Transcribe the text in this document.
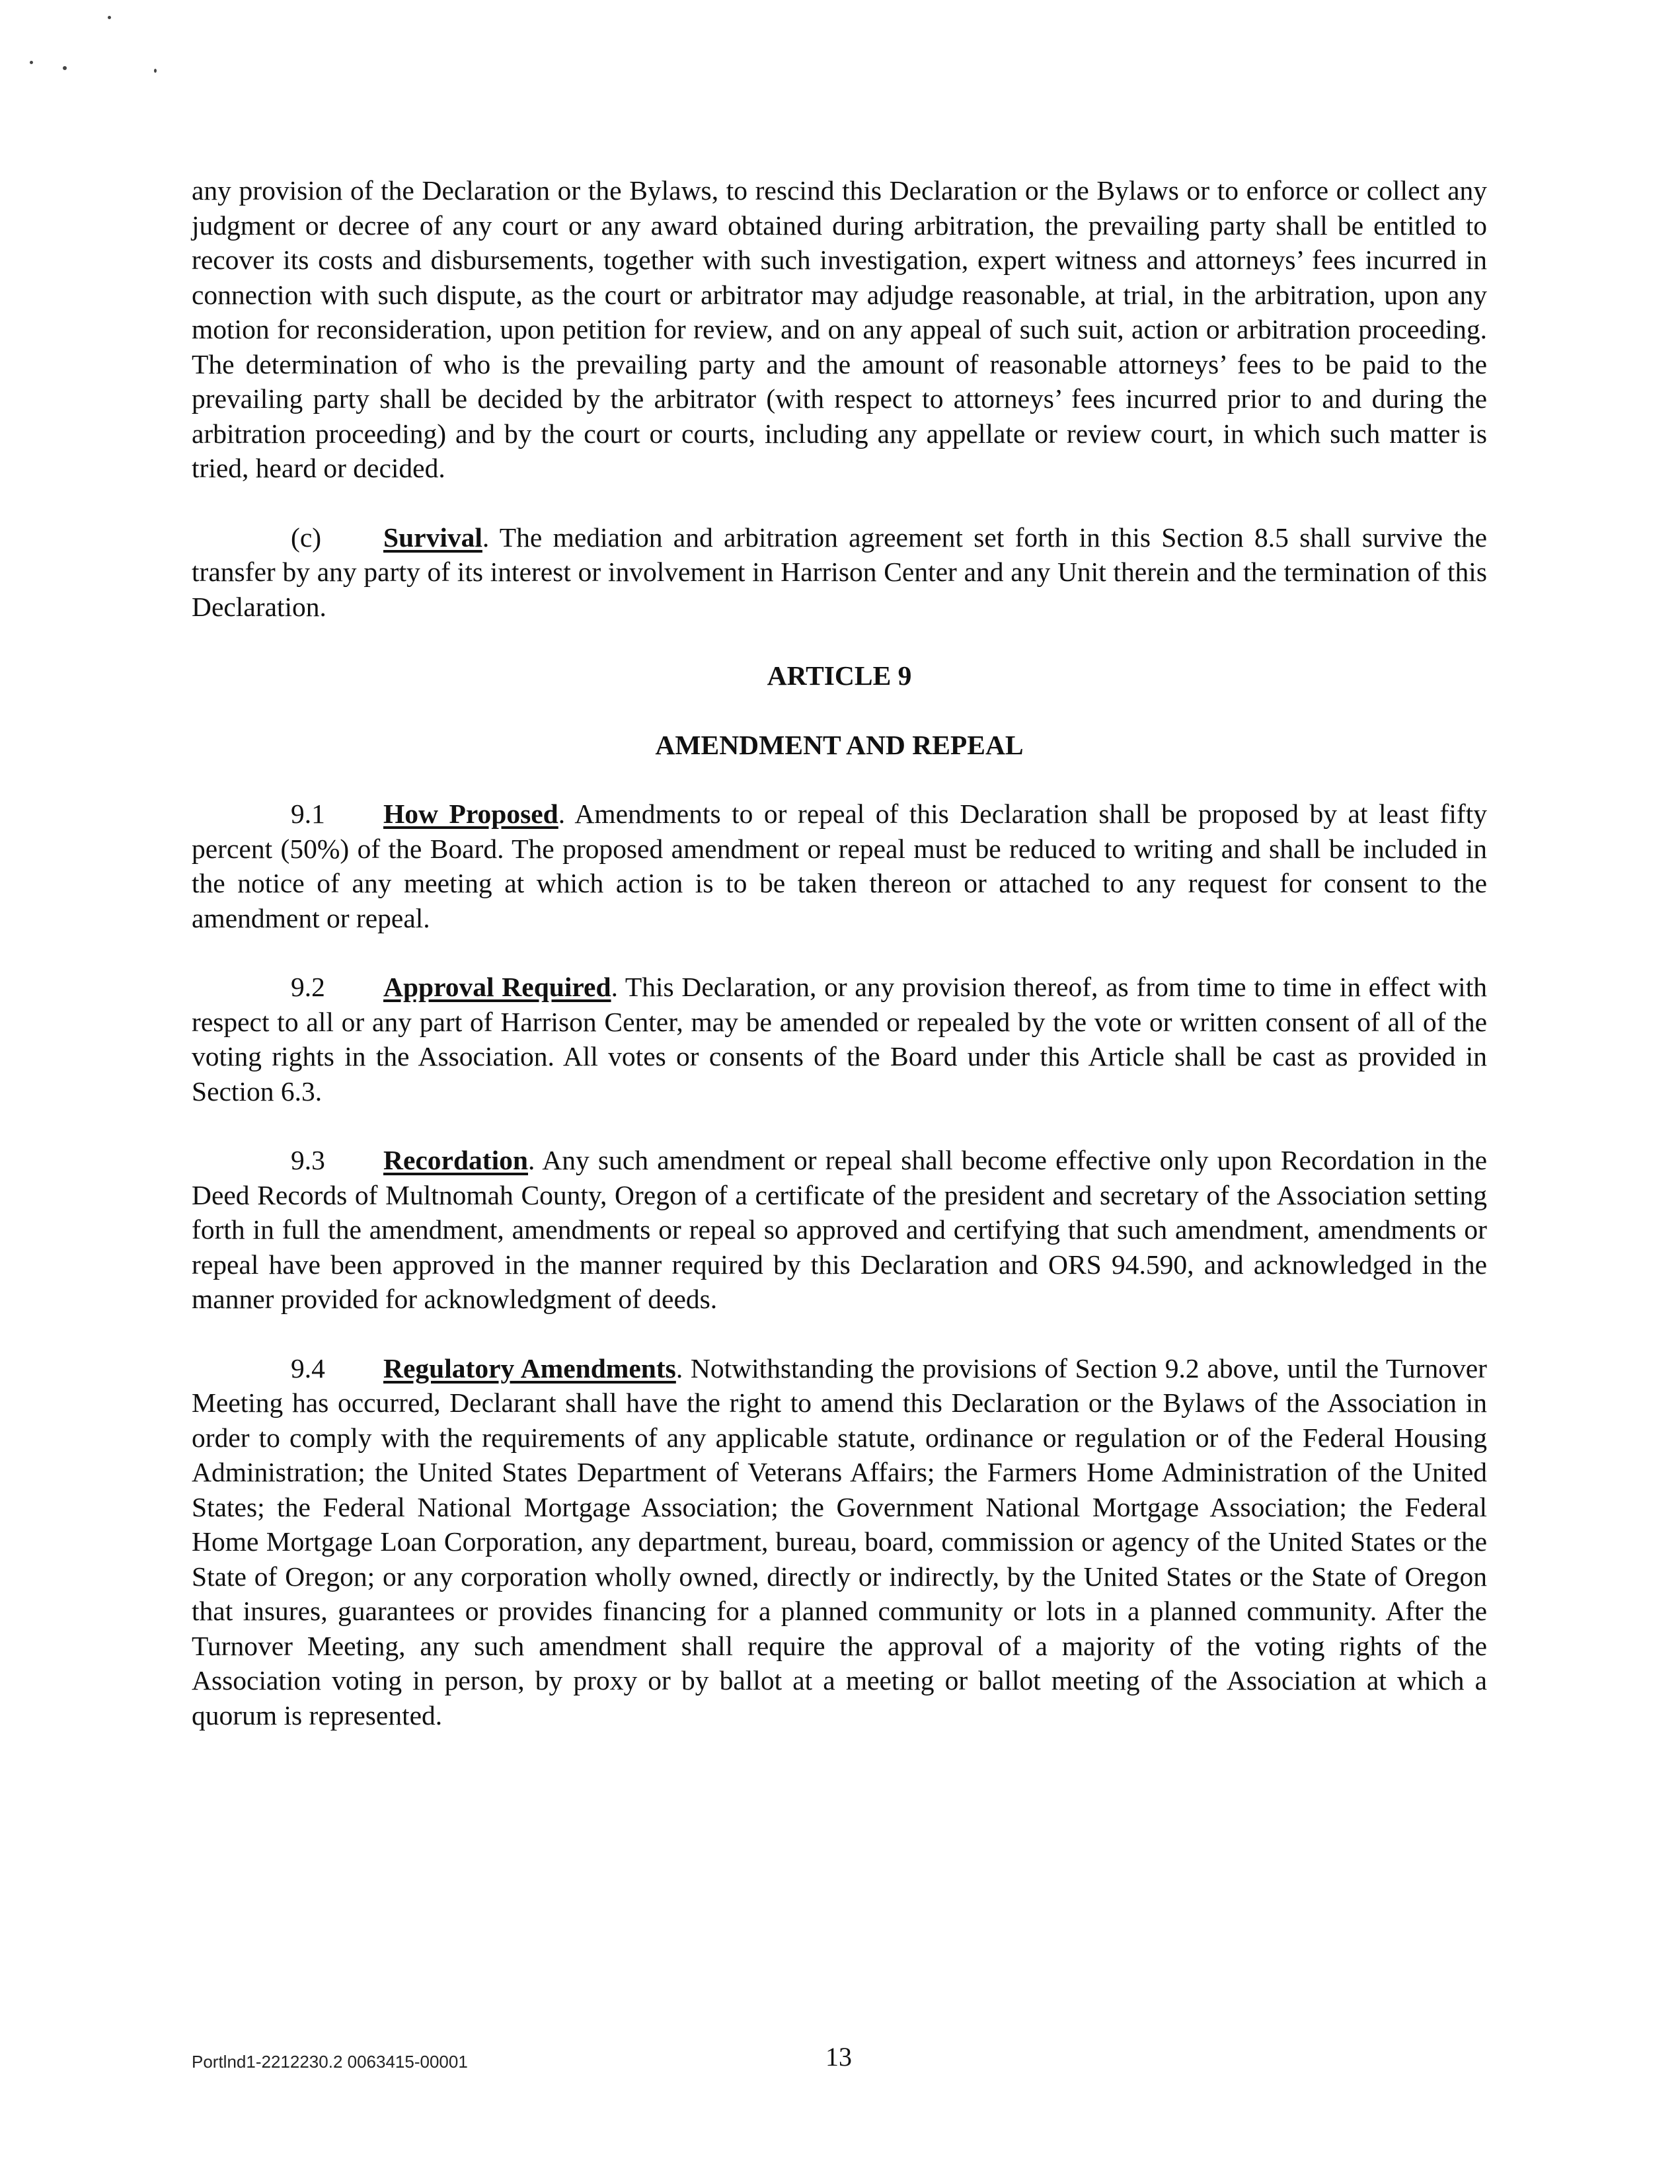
any provision of the Declaration or the Bylaws, to rescind this Declaration or the Bylaws or to enforce or collect any judgment or decree of any court or any award obtained during arbitration, the prevailing party shall be entitled to recover its costs and disbursements, together with such investigation, expert witness and attorneys’ fees incurred in connection with such dispute, as the court or arbitrator may adjudge reasonable, at trial, in the arbitration, upon any motion for reconsideration, upon petition for review, and on any appeal of such suit, action or arbitration proceeding. The determination of who is the prevailing party and the amount of reasonable attorneys’ fees to be paid to the prevailing party shall be decided by the arbitrator (with respect to attorneys’ fees incurred prior to and during the arbitration proceeding) and by the court or courts, including any appellate or review court, in which such matter is tried, heard or decided.

(c) Survival. The mediation and arbitration agreement set forth in this Section 8.5 shall survive the transfer by any party of its interest or involvement in Harrison Center and any Unit therein and the termination of this Declaration.

ARTICLE 9

AMENDMENT AND REPEAL

9.1 How Proposed. Amendments to or repeal of this Declaration shall be proposed by at least fifty percent (50%) of the Board. The proposed amendment or repeal must be reduced to writing and shall be included in the notice of any meeting at which action is to be taken thereon or attached to any request for consent to the amendment or repeal.

9.2 Approval Required. This Declaration, or any provision thereof, as from time to time in effect with respect to all or any part of Harrison Center, may be amended or repealed by the vote or written consent of all of the voting rights in the Association. All votes or consents of the Board under this Article shall be cast as provided in Section 6.3.

9.3 Recordation. Any such amendment or repeal shall become effective only upon Recordation in the Deed Records of Multnomah County, Oregon of a certificate of the president and secretary of the Association setting forth in full the amendment, amendments or repeal so approved and certifying that such amendment, amendments or repeal have been approved in the manner required by this Declaration and ORS 94.590, and acknowledged in the manner provided for acknowledgment of deeds.

9.4 Regulatory Amendments. Notwithstanding the provisions of Section 9.2 above, until the Turnover Meeting has occurred, Declarant shall have the right to amend this Declaration or the Bylaws of the Association in order to comply with the requirements of any applicable statute, ordinance or regulation or of the Federal Housing Administration; the United States Department of Veterans Affairs; the Farmers Home Administration of the United States; the Federal National Mortgage Association; the Government National Mortgage Association; the Federal Home Mortgage Loan Corporation, any department, bureau, board, commission or agency of the United States or the State of Oregon; or any corporation wholly owned, directly or indirectly, by the United States or the State of Oregon that insures, guarantees or provides financing for a planned community or lots in a planned community. After the Turnover Meeting, any such amendment shall require the approval of a majority of the voting rights of the Association voting in person, by proxy or by ballot at a meeting or ballot meeting of the Association at which a quorum is represented.

Portlnd1-2212230.2 0063415-00001	13
